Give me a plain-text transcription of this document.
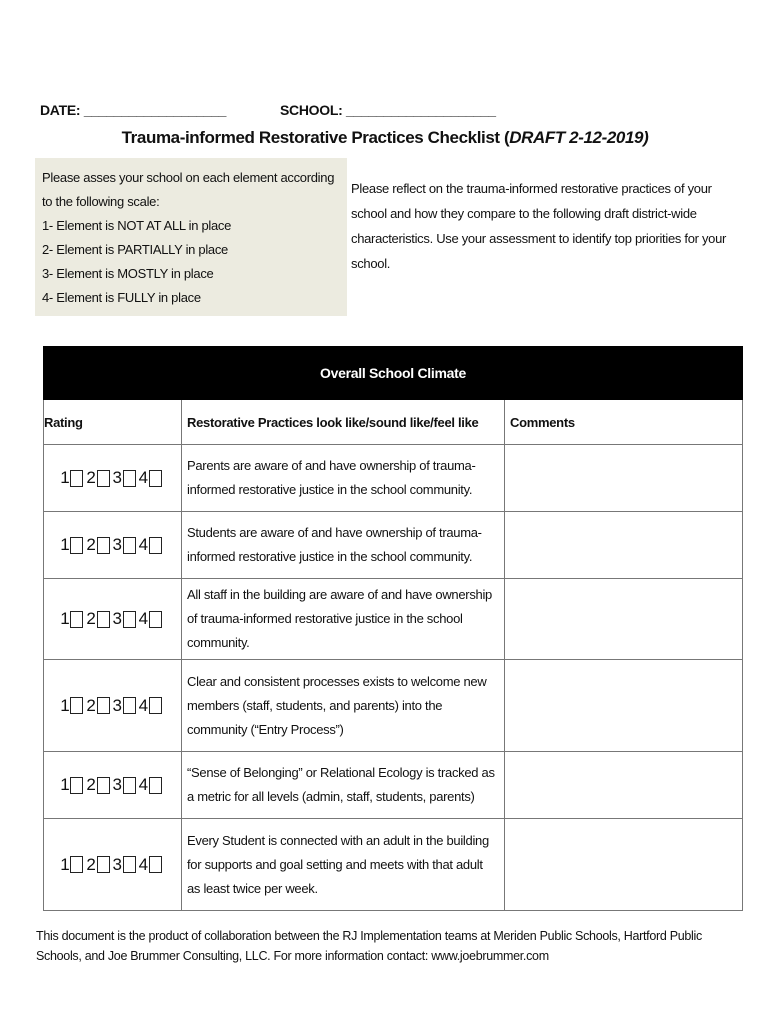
DATE: ___________________	SCHOOL: ____________________
Trauma-informed Restorative Practices Checklist (DRAFT 2-12-2019)
Please asses your school on each element according to the following scale:
1- Element is NOT AT ALL in place
2- Element is PARTIALLY in place
3- Element is MOSTLY in place
4- Element is FULLY in place
Please reflect on the trauma-informed restorative practices of your school and how they compare to the following draft district-wide characteristics. Use your assessment to identify top priorities for your school.
Overall School Climate		
Rating	Restorative Practices look like/sound like/feel like	Comments

1 2 3 4	Parents are aware of and have ownership of trauma-informed restorative justice in the school community.	

1 2 3 4	Students are aware of and have ownership of trauma-informed restorative justice in the school community.	

1 2 3 4	All staff in the building are aware of and have ownership of trauma-informed restorative justice in the school community.	

1 2 3 4	Clear and consistent processes exists to welcome new members (staff, students, and parents) into the community (“Entry Process”)	

1 2 3 4	“Sense of Belonging” or Relational Ecology is tracked as a metric for all levels (admin, staff, students, parents)	

1 2 3 4	Every Student is connected with an adult in the building for supports and goal setting and meets with that adult as least twice per week.	
This document is the product of collaboration between the RJ Implementation teams at Meriden Public Schools, Hartford Public Schools, and Joe Brummer Consulting, LLC. For more information contact: www.joebrummer.com
